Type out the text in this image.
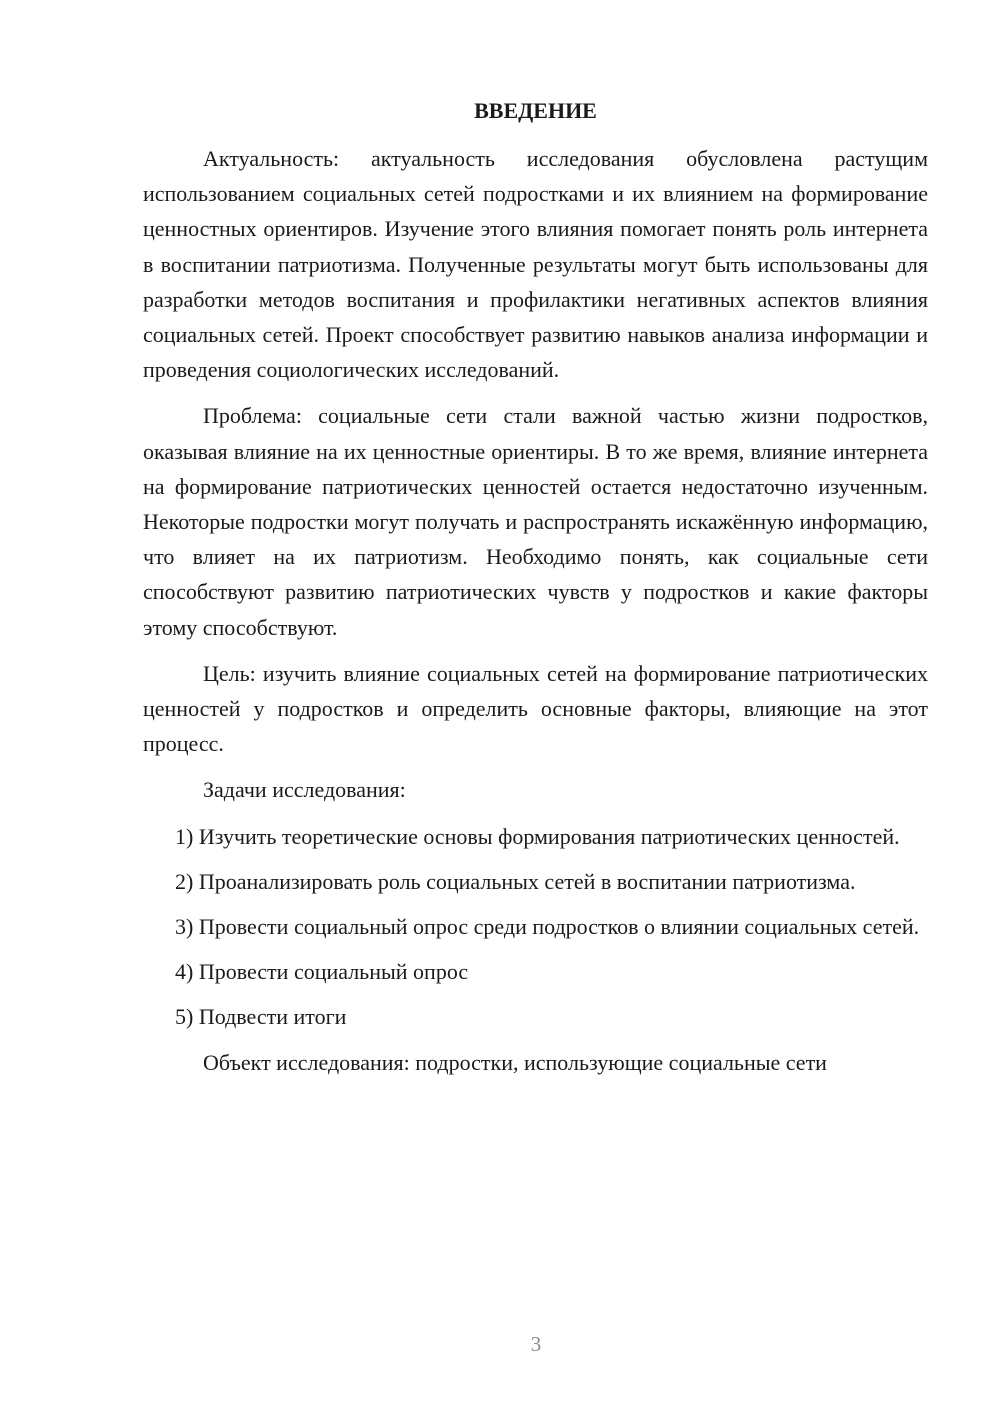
ВВЕДЕНИЕ

Актуальность: актуальность исследования обусловлена растущим использованием социальных сетей подростками и их влиянием на формирование ценностных ориентиров. Изучение этого влияния помогает понять роль интернета в воспитании патриотизма. Полученные результаты могут быть использованы для разработки методов воспитания и профилактики негативных аспектов влияния социальных сетей. Проект способствует развитию навыков анализа информации и проведения социологических исследований.

Проблема: социальные сети стали важной частью жизни подростков, оказывая влияние на их ценностные ориентиры. В то же время, влияние интернета на формирование патриотических ценностей остается недостаточно изученным. Некоторые подростки могут получать и распространять искажённую информацию, что влияет на их патриотизм. Необходимо понять, как социальные сети способствуют развитию патриотических чувств у подростков и какие факторы этому способствуют.

Цель: изучить влияние социальных сетей на формирование патриотических ценностей у подростков и определить основные факторы, влияющие на этот процесс.

Задачи исследования:

1) Изучить теоретические основы формирования патриотических ценностей.

2) Проанализировать роль социальных сетей в воспитании патриотизма.

3) Провести социальный опрос среди подростков о влиянии социальных сетей.

4) Провести социальный опрос

5) Подвести итоги

Объект исследования: подростки, использующие социальные сети

3
